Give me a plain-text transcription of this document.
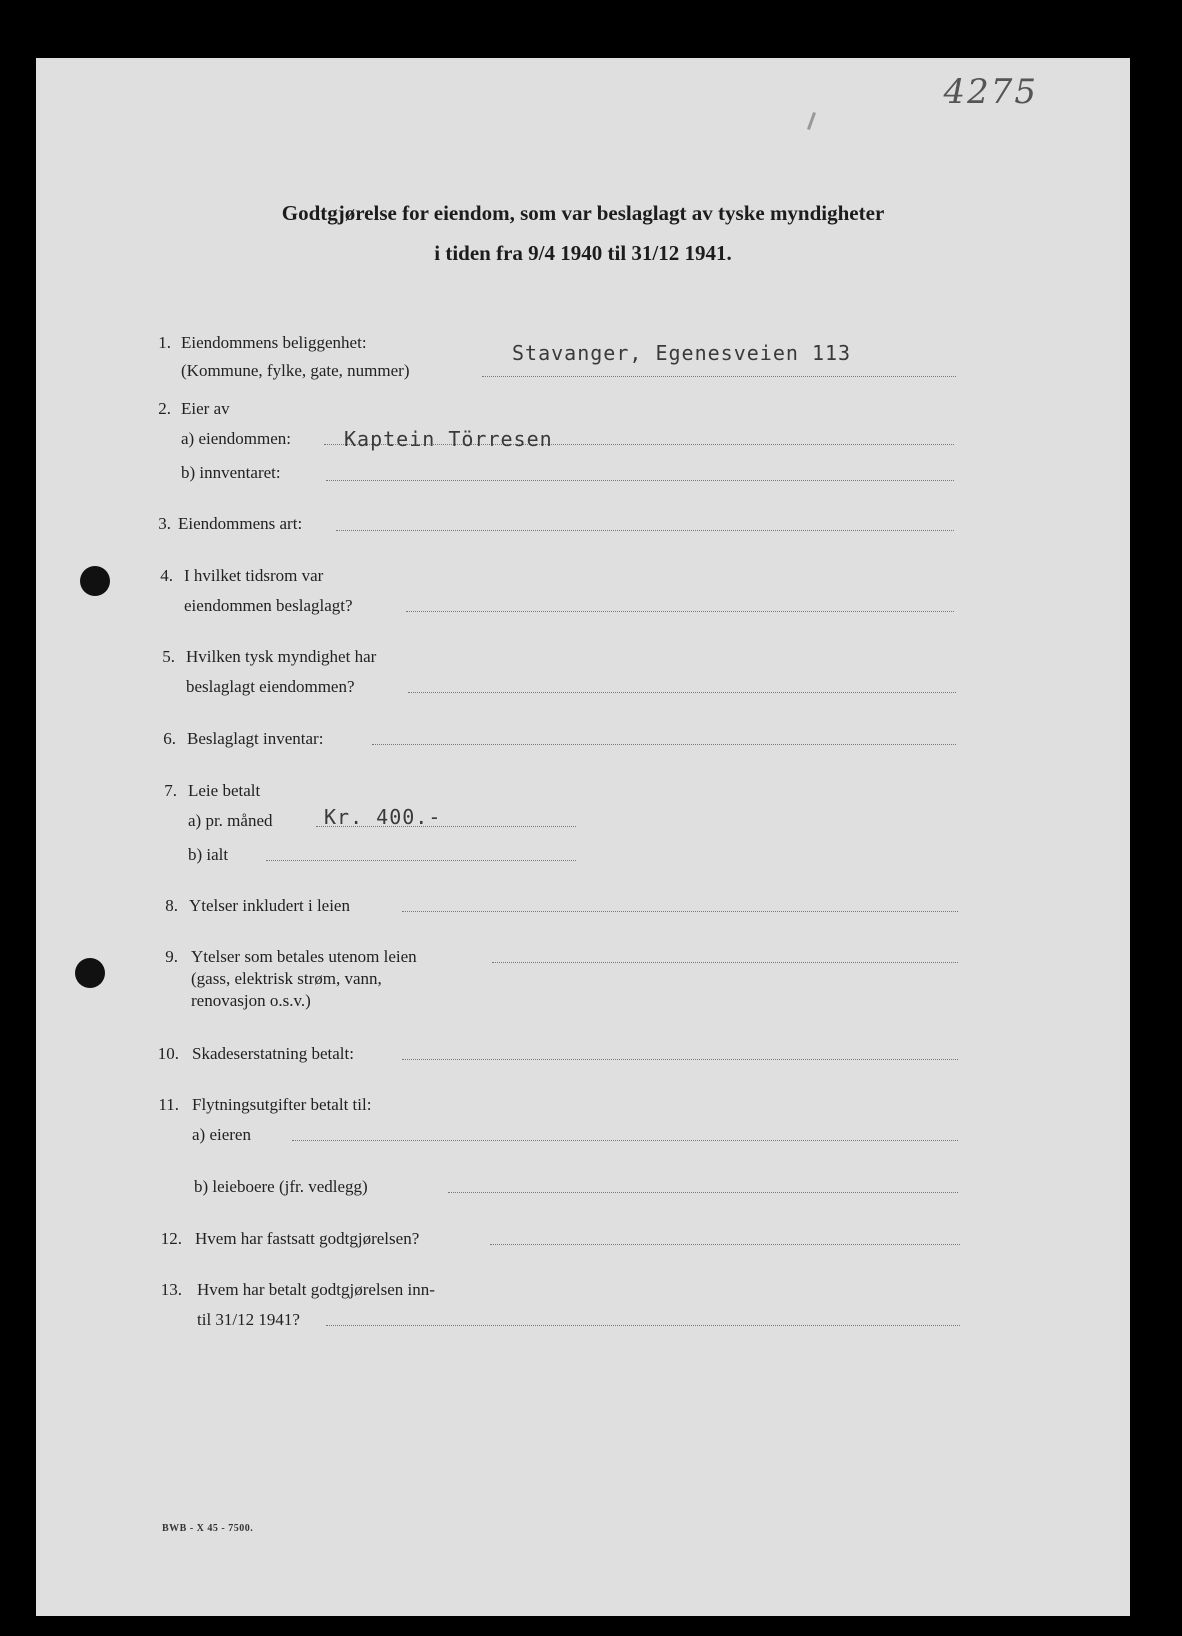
4275
Godtgjørelse for eiendom, som var beslaglagt av tyske myndigheter
i tiden fra 9/4 1940 til 31/12 1941.
1. Eiendommens beliggenhet:
(Kommune, fylke, gate, nummer)
Stavanger, Egenesveien 113
2. Eier av
a) eiendommen:	Kaptein Törresen
b) innventaret:
3. Eiendommens art:
4. I hvilket tidsrom var
eiendommen beslaglagt?
5. Hvilken tysk myndighet har
beslaglagt eiendommen?
6. Beslaglagt inventar:
7. Leie betalt
a) pr. måned	Kr. 400.-
b) ialt
8. Ytelser inkludert i leien
9. Ytelser som betales utenom leien
(gass, elektrisk strøm, vann,
renovasjon o.s.v.)
10. Skadeserstatning betalt:
11. Flytningsutgifter betalt til:
a) eieren
b) leieboere (jfr. vedlegg)
12. Hvem har fastsatt godtgjørelsen?
13. Hvem har betalt godtgjørelsen inn-
til 31/12 1941?
BWB - X 45 - 7500.
